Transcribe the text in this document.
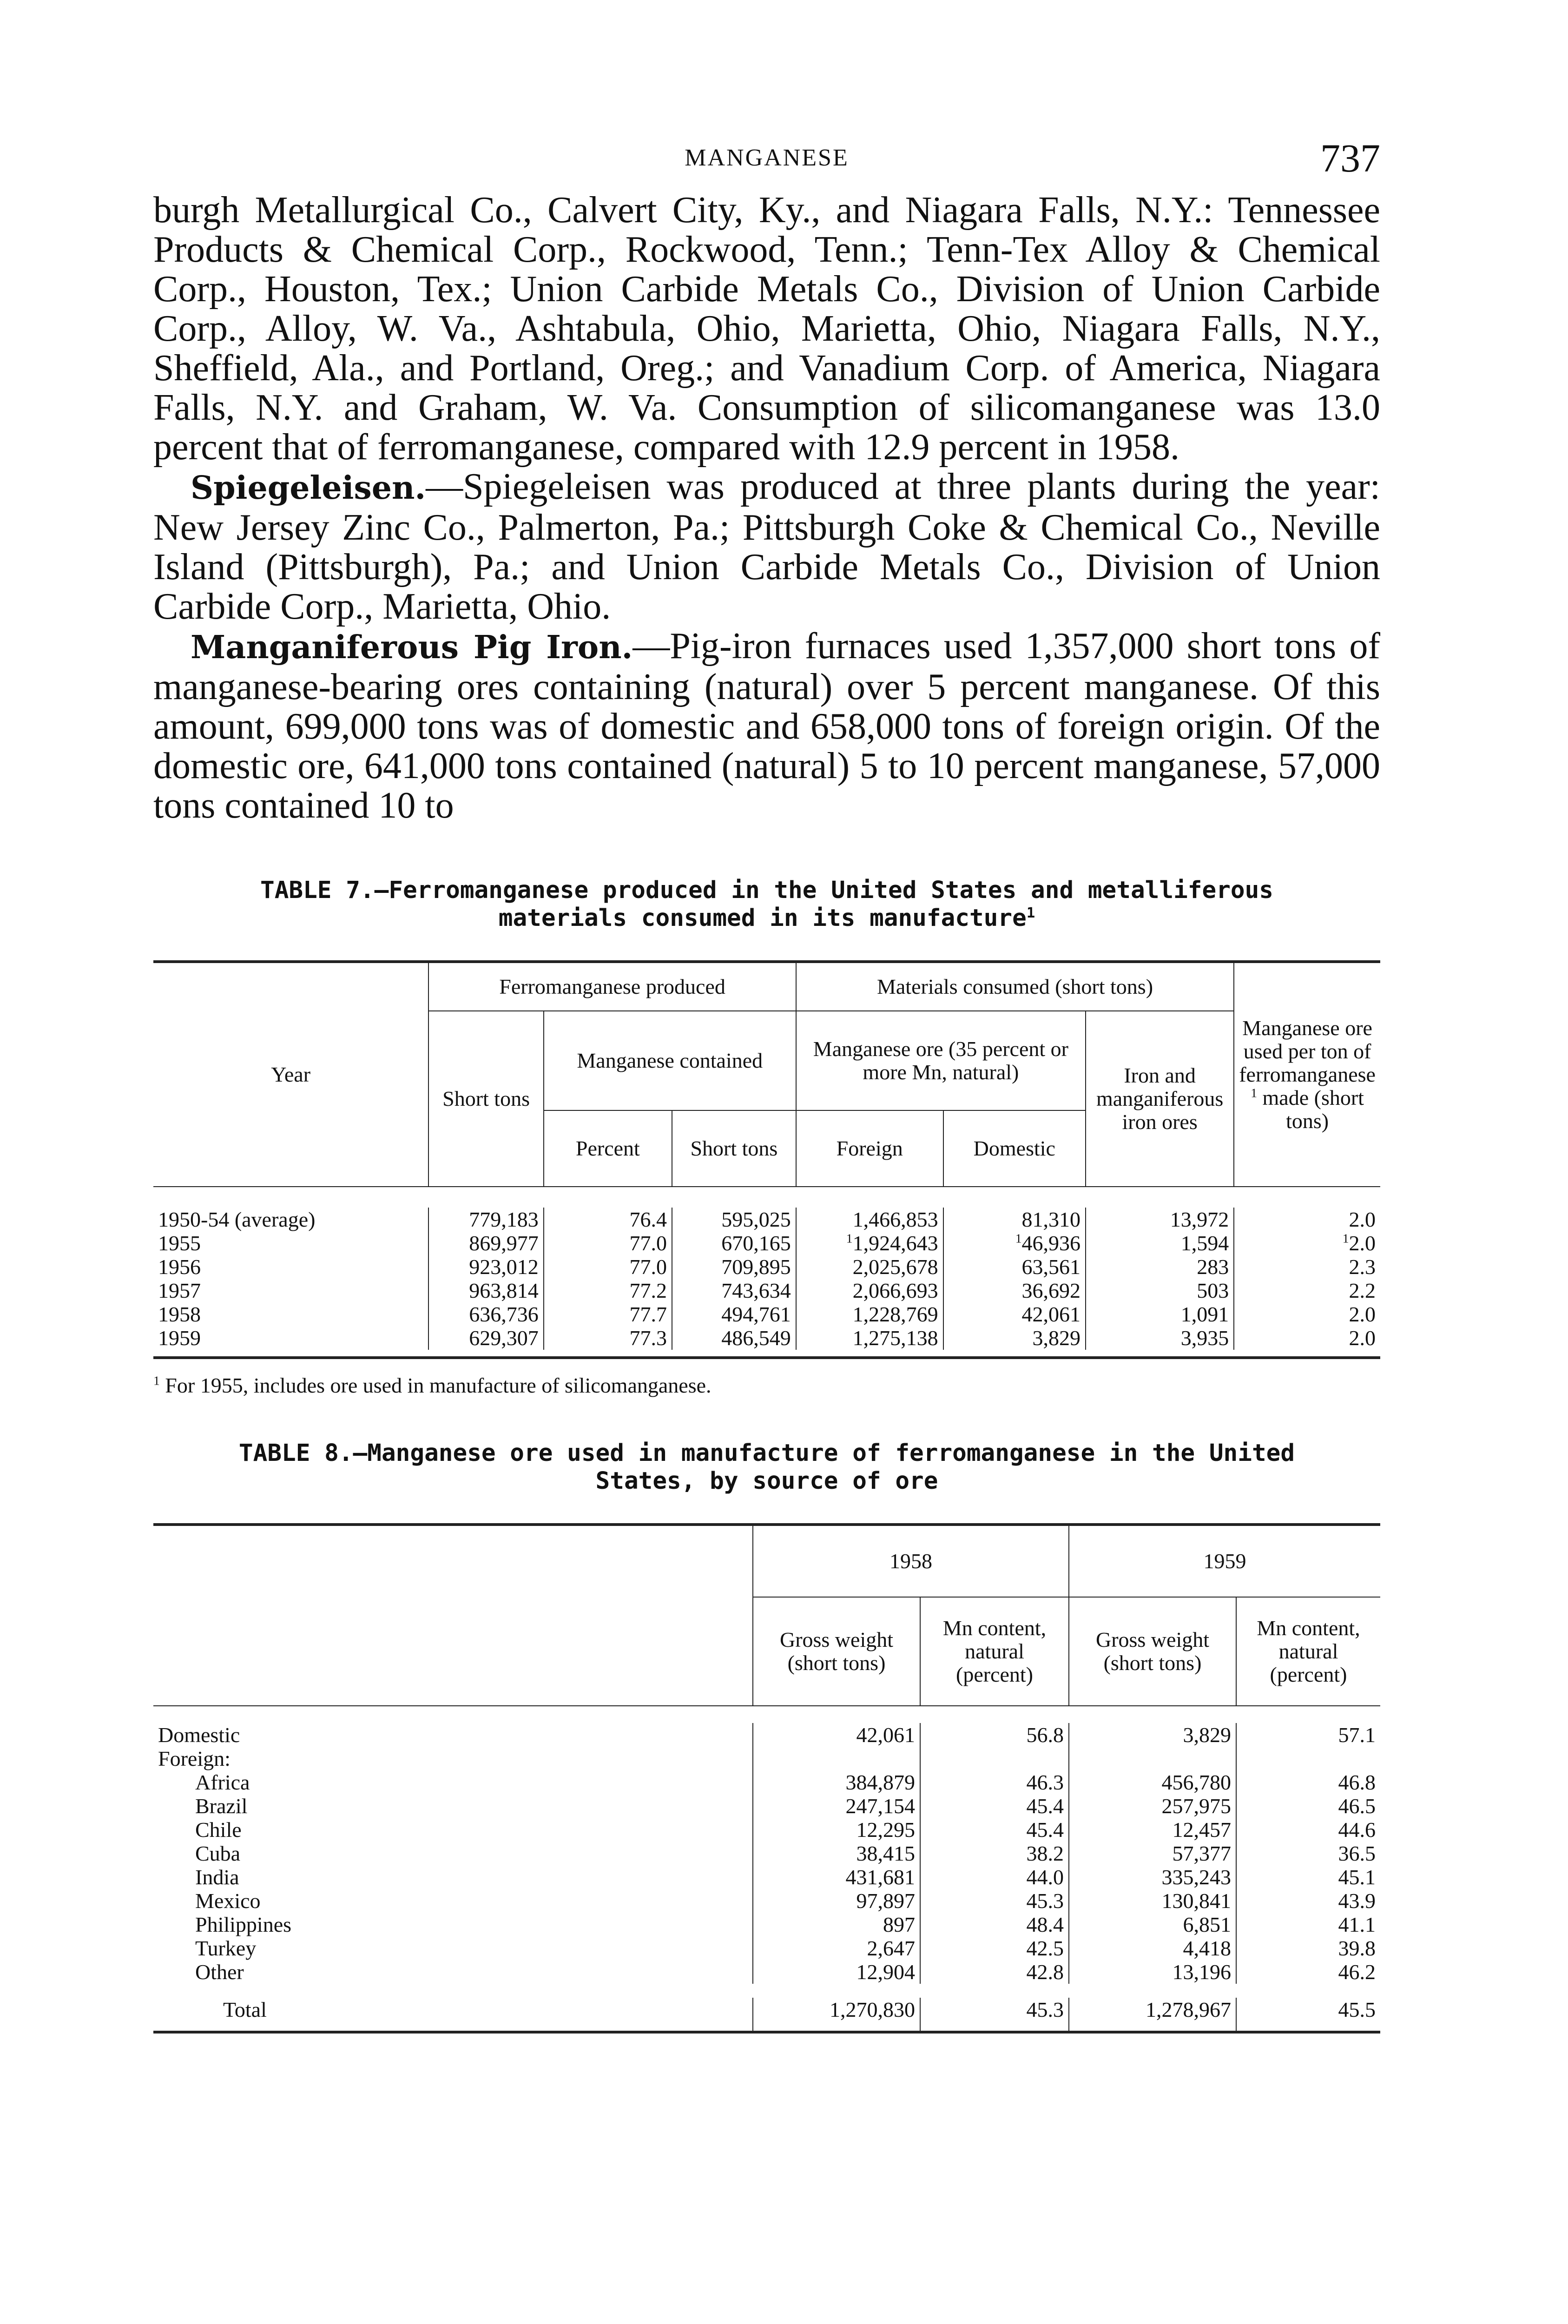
MANGANESE	737

burgh Metallurgical Co., Calvert City, Ky., and Niagara Falls, N.Y.: Tennessee Products & Chemical Corp., Rockwood, Tenn.; Tenn-Tex Alloy & Chemical Corp., Houston, Tex.; Union Carbide Metals Co., Division of Union Carbide Corp., Alloy, W. Va., Ashtabula, Ohio, Marietta, Ohio, Niagara Falls, N.Y., Sheffield, Ala., and Portland, Oreg.; and Vanadium Corp. of America, Niagara Falls, N.Y. and Graham, W. Va. Consumption of silicomanganese was 13.0 percent that of ferromanganese, compared with 12.9 percent in 1958.

Spiegeleisen.—Spiegeleisen was produced at three plants during the year: New Jersey Zinc Co., Palmerton, Pa.; Pittsburgh Coke & Chemical Co., Neville Island (Pittsburgh), Pa.; and Union Carbide Metals Co., Division of Union Carbide Corp., Marietta, Ohio.

Manganiferous Pig Iron.—Pig-iron furnaces used 1,357,000 short tons of manganese-bearing ores containing (natural) over 5 percent manganese. Of this amount, 699,000 tons was of domestic and 658,000 tons of foreign origin. Of the domestic ore, 641,000 tons contained (natural) 5 to 10 percent manganese, 57,000 tons contained 10 to

TABLE 7.—Ferromanganese produced in the United States and metalliferous

materials consumed in its manufacture$^1$

Year	Ferromanganese produced			Materials consumed (short tons)			Manganese ore used per ton of ferromanganese $^1$ made (short tons)
	Short tons	Manganese contained		Manganese ore (35 percent or more Mn, natural)		Iron and manganiferous iron ores	
		Percent	Short tons	Foreign	Domestic		

1950-54 (average)	779,183	76.4	595,025	1,466,853	81,310	13,972	2.0
1955	869,977	77.0	670,165	$^1$1,924,643	$^1$46,936	1,594	$^1$2.0
1956	923,012	77.0	709,895	2,025,678	63,561	283	2.3
1957	963,814	77.2	743,634	2,066,693	36,692	503	2.2
1958	636,736	77.7	494,761	1,228,769	42,061	1,091	2.0
1959	629,307	77.3	486,549	1,275,138	3,829	3,935	2.0

$^1$ For 1955, includes ore used in manufacture of silicomanganese.

TABLE 8.—Manganese ore used in manufacture of ferromanganese in the United

States, by source of ore

	1958		1959	
	Gross weight (short tons)	Mn content, natural (percent)	Gross weight (short tons)	Mn content, natural (percent)

Domestic	42,061	56.8	3,829	57.1
Foreign:				
Africa	384,879	46.3	456,780	46.8
Brazil	247,154	45.4	257,975	46.5
Chile	12,295	45.4	12,457	44.6
Cuba	38,415	38.2	57,377	36.5
India	431,681	44.0	335,243	45.1
Mexico	97,897	45.3	130,841	43.9
Philippines	897	48.4	6,851	41.1
Turkey	2,647	42.5	4,418	39.8
Other	12,904	42.8	13,196	46.2

Total	1,270,830	45.3	1,278,967	45.5
